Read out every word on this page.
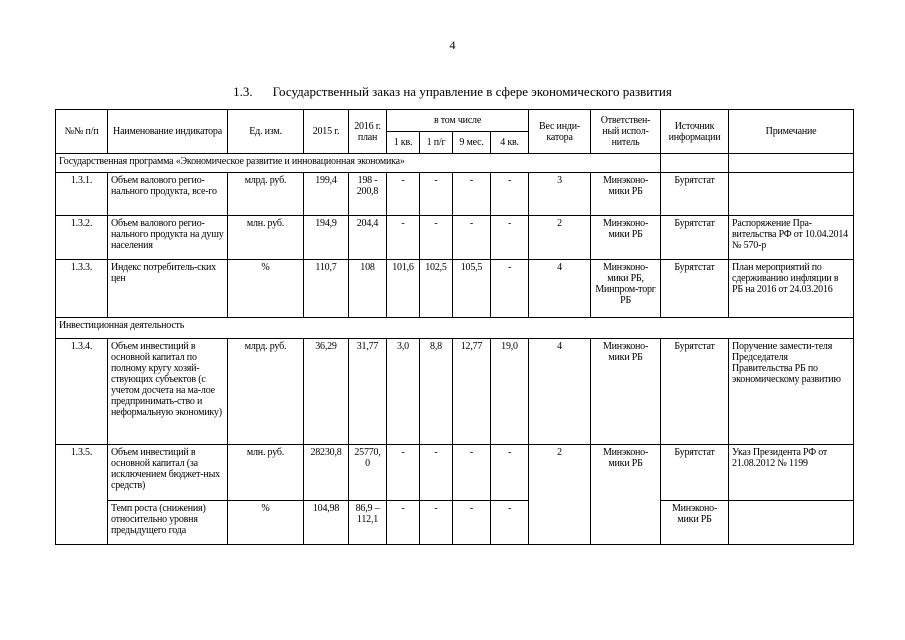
4
1.3. Государственный заказ на управление в сфере экономического развития
№№ п/п	Наименование индикатора	Ед. изм.	2015 г.	2016 г. план	в том числе				Вес инди-катора	Ответствен-ный испол-нитель	Источник информации	Примечание
					1 кв.	1 п/г	9 мес.	4 кв.				
Государственная программа «Экономическое развитие и инновационная экономика»												
1.3.1.	Объем валового регио-нального продукта, все-го	млрд. руб.	199,4	198 - 200,8	-	-	-	-	3	Минэконо-мики РБ	Бурятстат	
1.3.2.	Объем валового регио-нального продукта на душу населения	млн. руб.	194,9	204,4	-	-	-	-	2	Минэконо-мики РБ	Бурятстат	Распоряжение Пра-вительства РФ от 10.04.2014 № 570-р
1.3.3.	Индекс потребитель-ских цен	%	110,7	108	101,6	102,5	105,5	-	4	Минэконо-мики РБ, Минпром-торг РБ	Бурятстат	План мероприятий по сдерживанию инфляции в РБ на 2016 от 24.03.2016
Инвестиционная деятельность												
1.3.4.	Объем инвестиций в основной капитал по полному кругу хозяй-ствующих субъектов (с учетом досчета на ма-лое предпринимать-ство и неформальную экономику)	млрд. руб.	36,29	31,77	3,0	8,8	12,77	19,0	4	Минэконо-мики РБ	Бурятстат	Поручение замести-теля Председателя Правительства РБ по экономическому развитию
1.3.5.	Объем инвестиций в основной капитал (за исключением бюджет-ных средств)	млн. руб.	28230,8	25770, 0	-	-	-	-	2	Минэконо-мики РБ	Бурятстат	Указ Президента РФ от 21.08.2012 № 1199
	Темп роста (снижения) относительно уровня предыдущего года	%	104,98	86,9 – 112,1	-	-	-	-			Минэконо-мики РБ	
